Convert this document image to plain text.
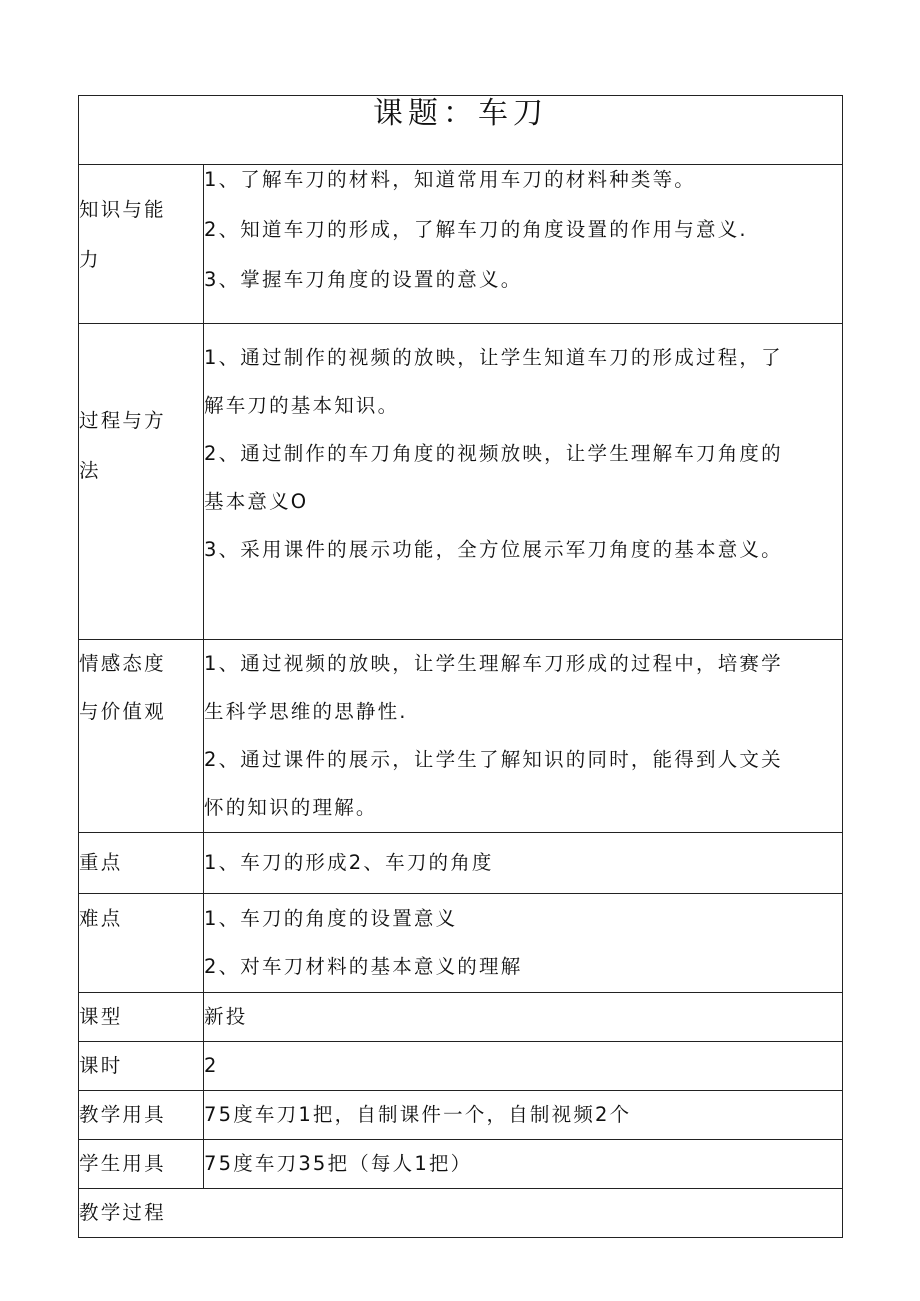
课题：车刀	

知识与能
力	1、了解车刀的材料，知道常用车刀的材料种类等。
2、知道车刀的形成，了解车刀的角度设置的作用与意义.
3、掌握车刀角度的设置的意义。

过程与方
法	1、通过制作的视频的放映，让学生知道车刀的形成过程，了
解车刀的基本知识。
2、通过制作的车刀角度的视频放映，让学生理解车刀角度的
基本意义O
3、采用课件的展示功能，全方位展示军刀角度的基本意义。

情感态度
与价值观	1、通过视频的放映，让学生理解车刀形成的过程中，培赛学
生科学思维的思静性.
2、通过课件的展示，让学生了解知识的同时，能得到人文关
怀的知识的理解。

重点	1、车刀的形成2、车刀的角度
难点	1、车刀的角度的设置意义
2、对车刀材料的基本意义的理解

课型	新投
课时	2
教学用具	75度车刀1把，自制课件一个，自制视频2个
学生用具	75度车刀35把（每人1把）
教学过程	
